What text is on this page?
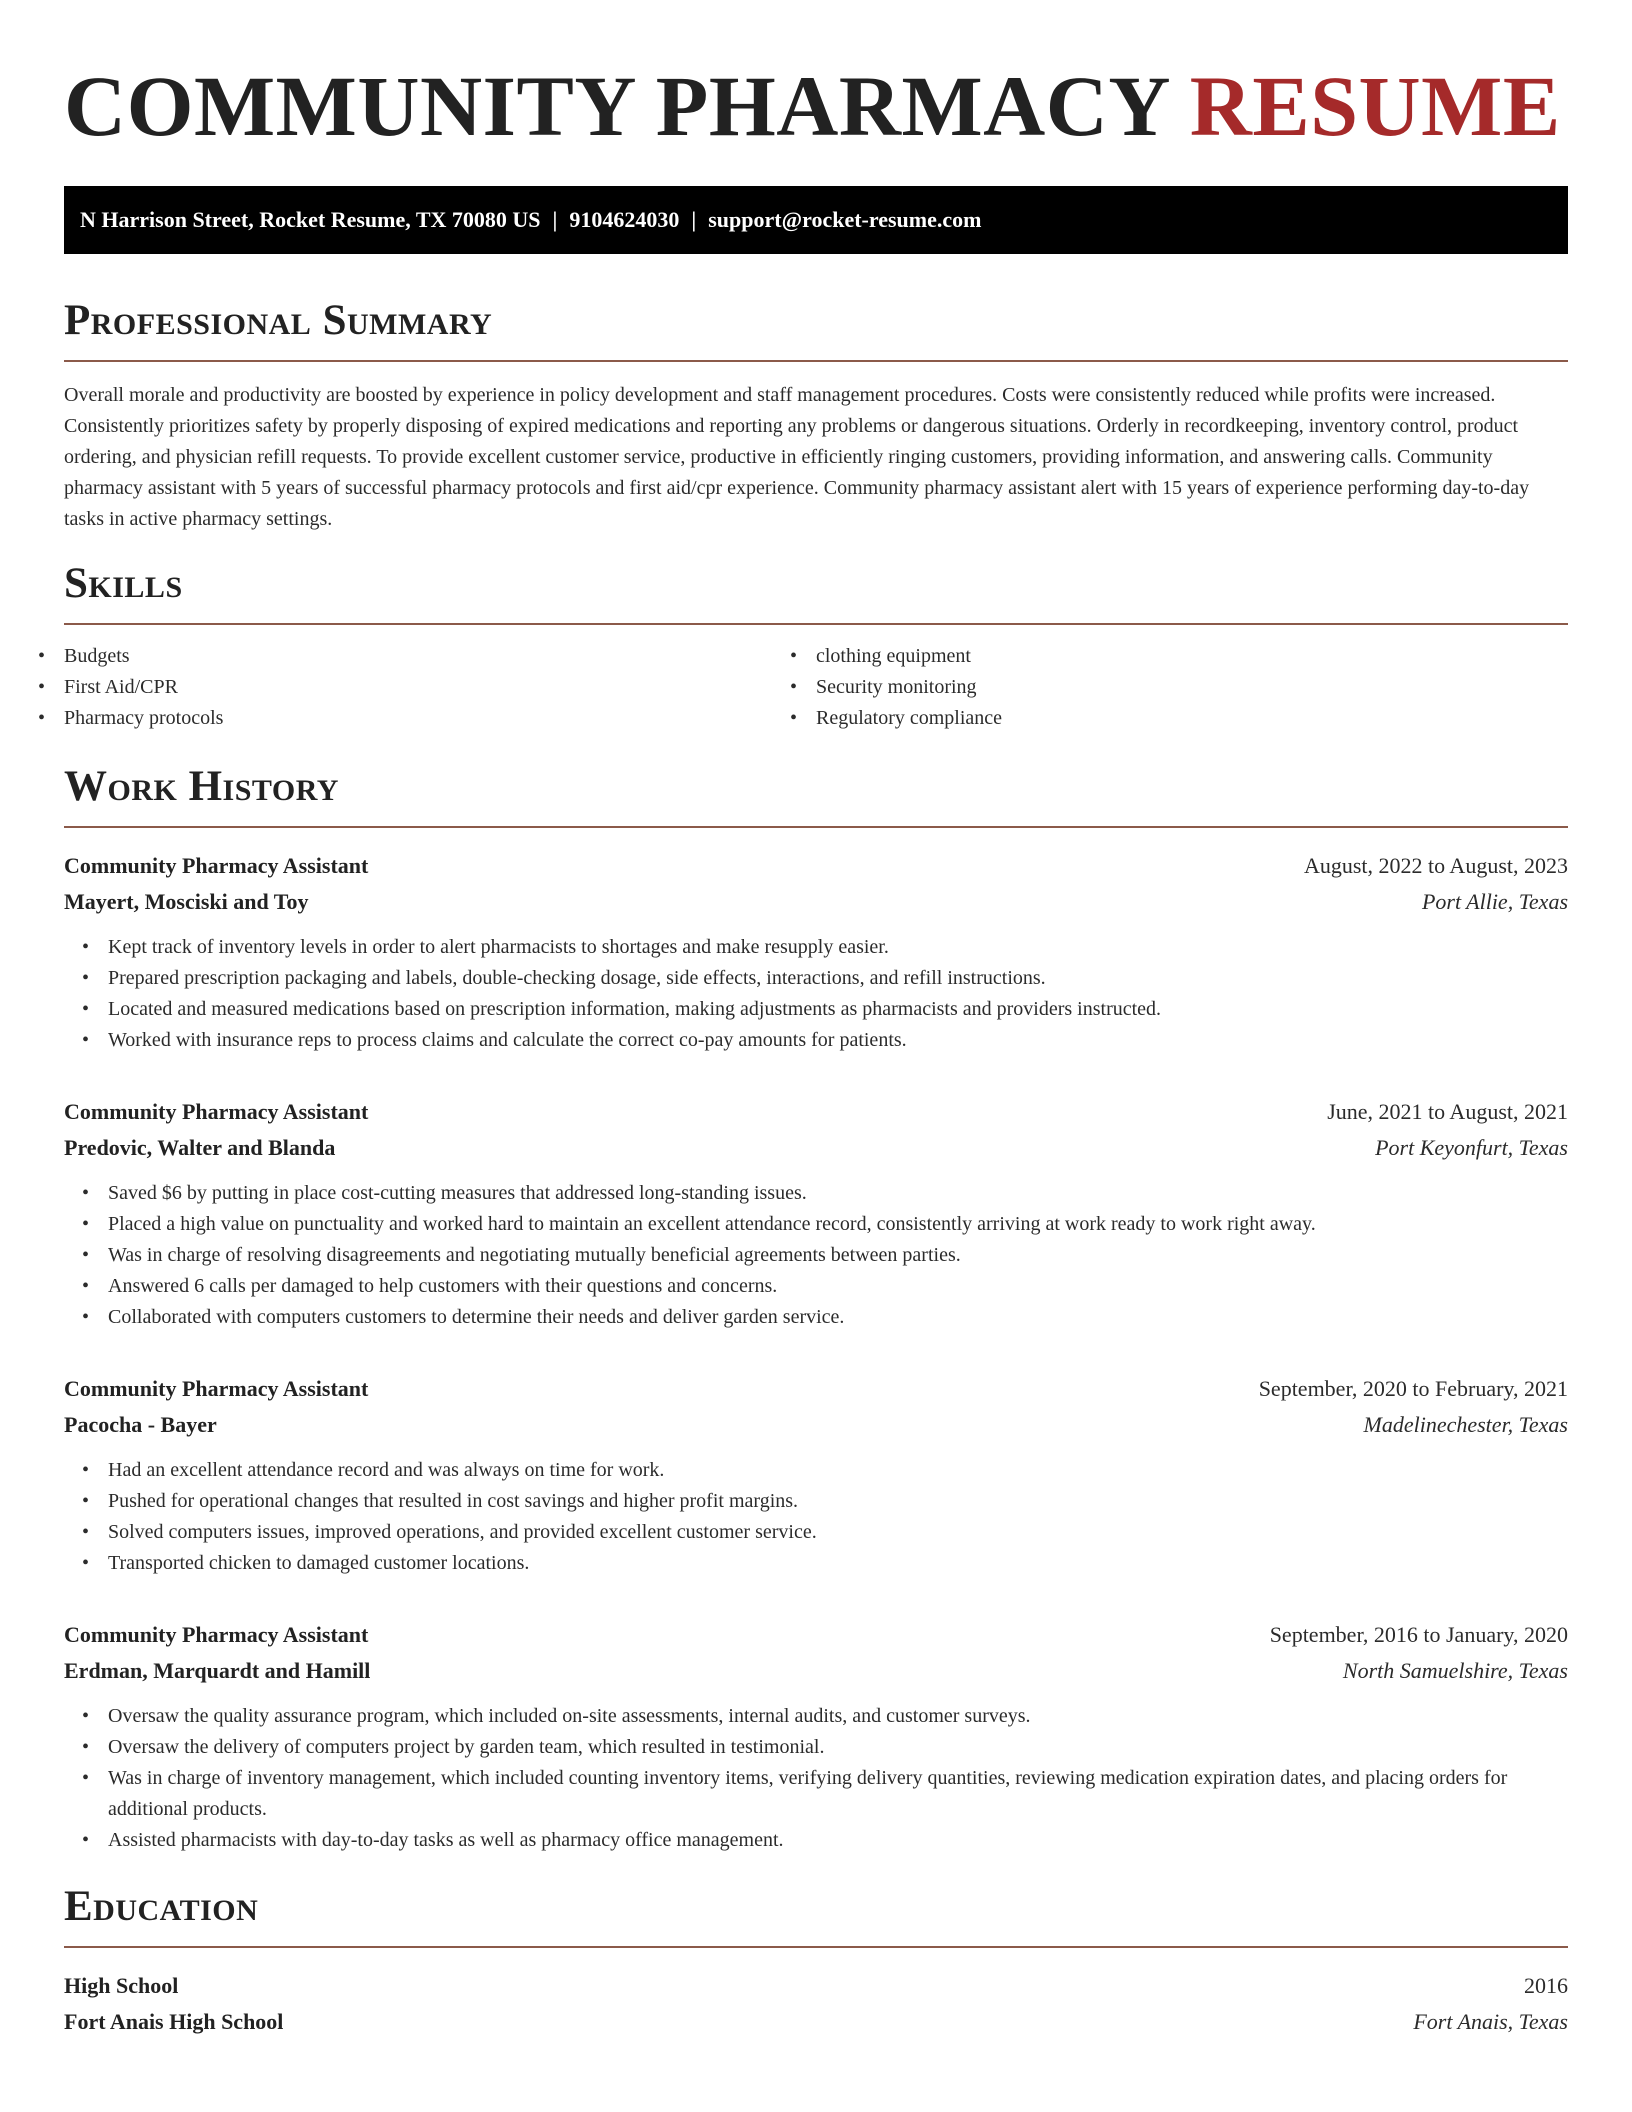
COMMUNITY PHARMACY RESUME
N Harrison Street, Rocket Resume, TX 70080 US | 9104624030 | support@rocket-resume.com
Professional Summary

Overall morale and productivity are boosted by experience in policy development and staff management procedures. Costs were consistently reduced while profits were increased. Consistently prioritizes safety by properly disposing of expired medications and reporting any problems or dangerous situations. Orderly in recordkeeping, inventory control, product ordering, and physician refill requests. To provide excellent customer service, productive in efficiently ringing customers, providing information, and answering calls. Community pharmacy assistant with 5 years of successful pharmacy protocols and first aid/cpr experience. Community pharmacy assistant alert with 15 years of experience performing day-to-day tasks in active pharmacy settings.

Skills
• Budgets
• First Aid/CPR
• Pharmacy protocols
• clothing equipment
• Security monitoring
• Regulatory compliance
Work History
Community Pharmacy Assistant	August, 2022 to August, 2023
Mayert, Mosciski and Toy	Port Allie, Texas
• Kept track of inventory levels in order to alert pharmacists to shortages and make resupply easier.
• Prepared prescription packaging and labels, double-checking dosage, side effects, interactions, and refill instructions.
• Located and measured medications based on prescription information, making adjustments as pharmacists and providers instructed.
• Worked with insurance reps to process claims and calculate the correct co-pay amounts for patients.
Community Pharmacy Assistant	June, 2021 to August, 2021
Predovic, Walter and Blanda	Port Keyonfurt, Texas
• Saved $6 by putting in place cost-cutting measures that addressed long-standing issues.
• Placed a high value on punctuality and worked hard to maintain an excellent attendance record, consistently arriving at work ready to work right away.
• Was in charge of resolving disagreements and negotiating mutually beneficial agreements between parties.
• Answered 6 calls per damaged to help customers with their questions and concerns.
• Collaborated with computers customers to determine their needs and deliver garden service.
Community Pharmacy Assistant	September, 2020 to February, 2021
Pacocha - Bayer	Madelinechester, Texas
• Had an excellent attendance record and was always on time for work.
• Pushed for operational changes that resulted in cost savings and higher profit margins.
• Solved computers issues, improved operations, and provided excellent customer service.
• Transported chicken to damaged customer locations.
Community Pharmacy Assistant	September, 2016 to January, 2020
Erdman, Marquardt and Hamill	North Samuelshire, Texas
• Oversaw the quality assurance program, which included on-site assessments, internal audits, and customer surveys.
• Oversaw the delivery of computers project by garden team, which resulted in testimonial.
• Was in charge of inventory management, which included counting inventory items, verifying delivery quantities, reviewing medication expiration dates, and placing orders for additional products.
• Assisted pharmacists with day-to-day tasks as well as pharmacy office management.
Education
High School	2016
Fort Anais High School	Fort Anais, Texas
